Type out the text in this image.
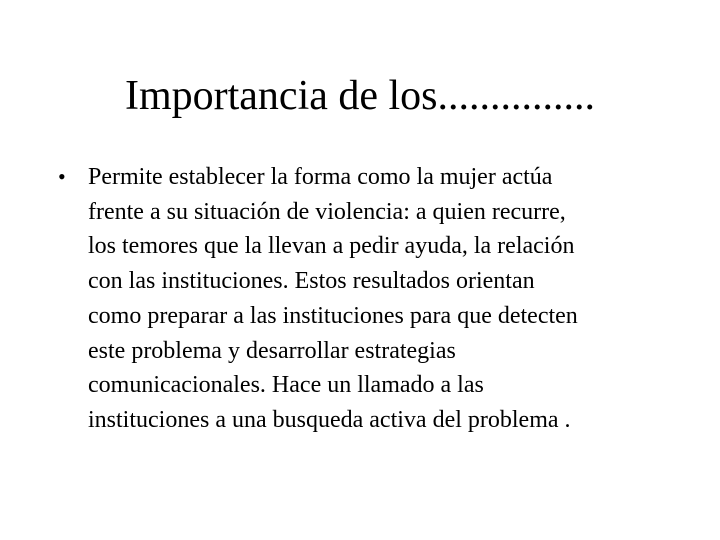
Importancia de los...............
• Permite establecer la forma como la mujer actúa
frente a su situación de violencia: a quien recurre,
los temores que la llevan a pedir ayuda, la relación
con las instituciones. Estos resultados orientan
como preparar a las instituciones para que detecten
este problema y desarrollar estrategias
comunicacionales. Hace un llamado a las
instituciones a una busqueda activa del problema .
